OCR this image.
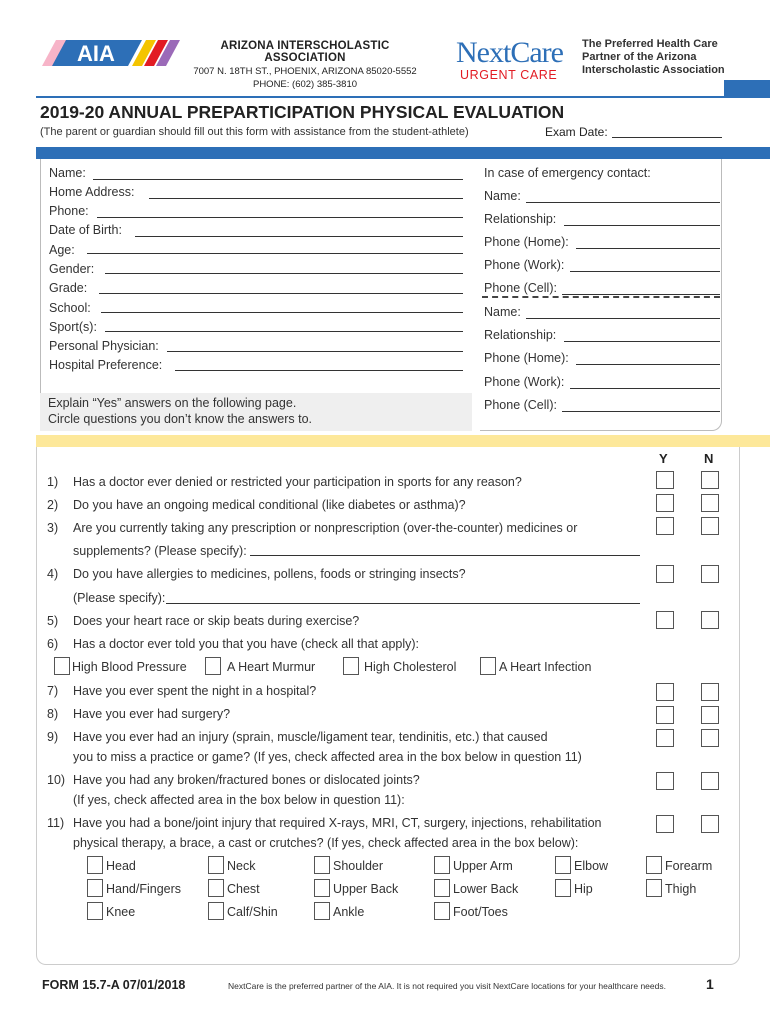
AIA	ARIZONA INTERSCHOLASTIC ASSOCIATION
7007 N. 18TH ST., PHOENIX, ARIZONA 85020-5552
PHONE: (602) 385-3810
NextCare
URGENT CARE
The Preferred Health Care Partner of the Arizona Interscholastic Association
2019-20 ANNUAL PREPARTICIPATION PHYSICAL EVALUATION
(The parent or guardian should fill out this form with assistance from the student-athlete)	Exam Date:
Name:
Home Address:
Phone:
Date of Birth:
Age:
Gender:
Grade:
School:
Sport(s):
Personal Physician:
Hospital Preference:
Explain “Yes” answers on the following page.
Circle questions you don’t know the answers to.
In case of emergency contact:
Name:
Relationship:
Phone (Home):
Phone (Work):
Phone (Cell):
Name:
Relationship:
Phone (Home):
Phone (Work):
Phone (Cell):
Y	N
1) Has a doctor ever denied or restricted your participation in sports for any reason?
2) Do you have an ongoing medical conditional (like diabetes or asthma)?
3) Are you currently taking any prescription or nonprescription (over-the-counter) medicines or
supplements? (Please specify):
4) Do you have allergies to medicines, pollens, foods or stringing insects?
(Please specify):
5) Does your heart race or skip beats during exercise?
6) Has a doctor ever told you that you have (check all that apply):
High Blood Pressure	A Heart Murmur	High Cholesterol	A Heart Infection
7) Have you ever spent the night in a hospital?
8) Have you ever had surgery?
9) Have you ever had an injury (sprain, muscle/ligament tear, tendinitis, etc.) that caused
you to miss a practice or game? (If yes, check affected area in the box below in question 11)
10) Have you had any broken/fractured bones or dislocated joints?
(If yes, check affected area in the box below in question 11):
11) Have you had a bone/joint injury that required X-rays, MRI, CT, surgery, injections, rehabilitation
physical therapy, a brace, a cast or crutches? (If yes, check affected area in the box below):
Head	Neck	Shoulder	Upper Arm	Elbow	Forearm
Hand/Fingers	Chest	Upper Back	Lower Back	Hip	Thigh
Knee	Calf/Shin	Ankle	Foot/Toes
FORM 15.7-A 07/01/2018	NextCare is the preferred partner of the AIA. It is not required you visit NextCare locations for your healthcare needs.	1
